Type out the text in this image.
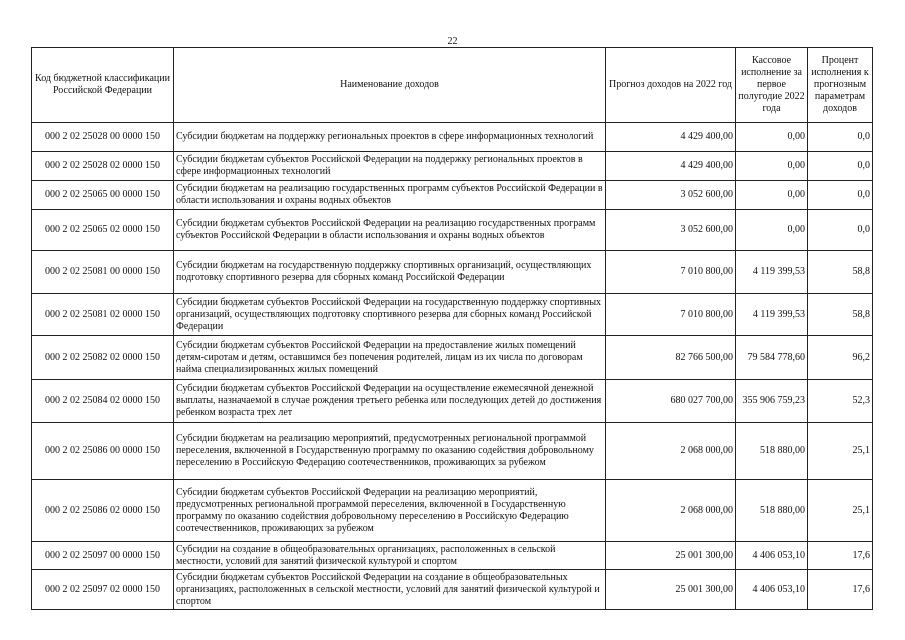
22
Код бюджетной классификации Российской Федерации	Наименование доходов	Прогноз доходов на 2022 год	Кассовое исполнение за первое полугодие 2022 года	Процент исполнения к прогнозным параметрам доходов
000 2 02 25028 00 0000 150	Субсидии бюджетам на поддержку региональных проектов в сфере информационных технологий	4 429 400,00	0,00	0,0
000 2 02 25028 02 0000 150	Субсидии бюджетам субъектов Российской Федерации на поддержку региональных проектов в сфере информационных технологий	4 429 400,00	0,00	0,0
000 2 02 25065 00 0000 150	Субсидии бюджетам на реализацию государственных программ субъектов Российской Федерации в области использования и охраны водных объектов	3 052 600,00	0,00	0,0
000 2 02 25065 02 0000 150	Субсидии бюджетам субъектов Российской Федерации на реализацию государственных программ субъектов Российской Федерации в области использования и охраны водных объектов	3 052 600,00	0,00	0,0
000 2 02 25081 00 0000 150	Субсидии бюджетам на государственную поддержку спортивных организаций, осуществляющих подготовку спортивного резерва для сборных команд Российской Федерации	7 010 800,00	4 119 399,53	58,8
000 2 02 25081 02 0000 150	Субсидии бюджетам субъектов Российской Федерации на государственную поддержку спортивных организаций, осуществляющих подготовку спортивного резерва для сборных команд Российской Федерации	7 010 800,00	4 119 399,53	58,8
000 2 02 25082 02 0000 150	Субсидии бюджетам субъектов Российской Федерации на предоставление жилых помещений детям-сиротам и детям, оставшимся без попечения родителей, лицам из их числа по договорам найма специализированных жилых помещений	82 766 500,00	79 584 778,60	96,2
000 2 02 25084 02 0000 150	Субсидии бюджетам субъектов Российской Федерации на осуществление ежемесячной денежной выплаты, назначаемой в случае рождения третьего ребенка или последующих детей до достижения ребенком возраста трех лет	680 027 700,00	355 906 759,23	52,3
000 2 02 25086 00 0000 150	Субсидии бюджетам на реализацию мероприятий, предусмотренных региональной программой переселения, включенной в Государственную программу по оказанию содействия добровольному переселению в Российскую Федерацию соотечественников, проживающих за рубежом	2 068 000,00	518 880,00	25,1
000 2 02 25086 02 0000 150	Субсидии бюджетам субъектов Российской Федерации на реализацию мероприятий, предусмотренных региональной программой переселения, включенной в Государственную программу по оказанию содействия добровольному переселению в Российскую Федерацию соотечественников, проживающих за рубежом	2 068 000,00	518 880,00	25,1
000 2 02 25097 00 0000 150	Субсидии на создание в общеобразовательных организациях, расположенных в сельской местности, условий для занятий физической культурой и спортом	25 001 300,00	4 406 053,10	17,6
000 2 02 25097 02 0000 150	Субсидии бюджетам субъектов Российской Федерации на создание в общеобразовательных организациях, расположенных в сельской местности, условий для занятий физической культурой и спортом	25 001 300,00	4 406 053,10	17,6
